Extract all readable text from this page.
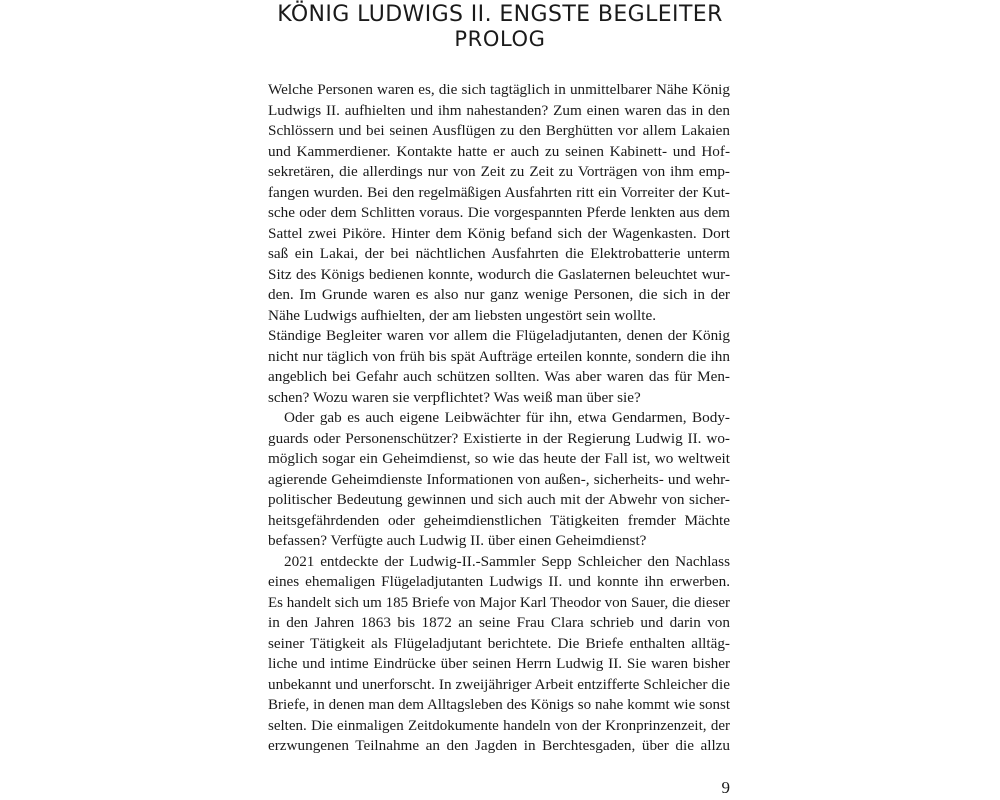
KÖNIG LUDWIGS II. ENGSTE BEGLEITER
PROLOG
Welche Personen waren es, die sich tagtäglich in unmittelbarer Nähe König
Ludwigs II. aufhielten und ihm nahestanden? Zum einen waren das in den
Schlössern und bei seinen Ausflügen zu den Berghütten vor allem Lakaien
und Kammerdiener. Kontakte hatte er auch zu seinen Kabinett- und Hof-
sekretären, die allerdings nur von Zeit zu Zeit zu Vorträgen von ihm emp-
fangen wurden. Bei den regelmäßigen Ausfahrten ritt ein Vorreiter der Kut-
sche oder dem Schlitten voraus. Die vorgespannten Pferde lenkten aus dem
Sattel zwei Piköre. Hinter dem König befand sich der Wagenkasten. Dort
saß ein Lakai, der bei nächtlichen Ausfahrten die Elektrobatterie unterm
Sitz des Königs bedienen konnte, wodurch die Gaslaternen beleuchtet wur-
den. Im Grunde waren es also nur ganz wenige Personen, die sich in der
Nähe Ludwigs aufhielten, der am liebsten ungestört sein wollte.
Ständige Begleiter waren vor allem die Flügeladjutanten, denen der König
nicht nur täglich von früh bis spät Aufträge erteilen konnte, sondern die ihn
angeblich bei Gefahr auch schützen sollten. Was aber waren das für Men-
schen? Wozu waren sie verpflichtet? Was weiß man über sie?
Oder gab es auch eigene Leibwächter für ihn, etwa Gendarmen, Body-
guards oder Personenschützer? Existierte in der Regierung Ludwig II. wo-
möglich sogar ein Geheimdienst, so wie das heute der Fall ist, wo weltweit
agierende Geheimdienste Informationen von außen-, sicherheits- und wehr-
politischer Bedeutung gewinnen und sich auch mit der Abwehr von sicher-
heitsgefährdenden oder geheimdienstlichen Tätigkeiten fremder Mächte
befassen? Verfügte auch Ludwig II. über einen Geheimdienst?
2021 entdeckte der Ludwig-II.-Sammler Sepp Schleicher den Nachlass
eines ehemaligen Flügeladjutanten Ludwigs II. und konnte ihn erwerben.
Es handelt sich um 185 Briefe von Major Karl Theodor von Sauer, die dieser
in den Jahren 1863 bis 1872 an seine Frau Clara schrieb und darin von
seiner Tätigkeit als Flügeladjutant berichtete. Die Briefe enthalten alltäg-
liche und intime Eindrücke über seinen Herrn Ludwig II. Sie waren bisher
unbekannt und unerforscht. In zweijähriger Arbeit entzifferte Schleicher die
Briefe, in denen man dem Alltagsleben des Königs so nahe kommt wie sonst
selten. Die einmaligen Zeitdokumente handeln von der Kronprinzenzeit, der
erzwungenen Teilnahme an den Jagden in Berchtesgaden, über die allzu
9
